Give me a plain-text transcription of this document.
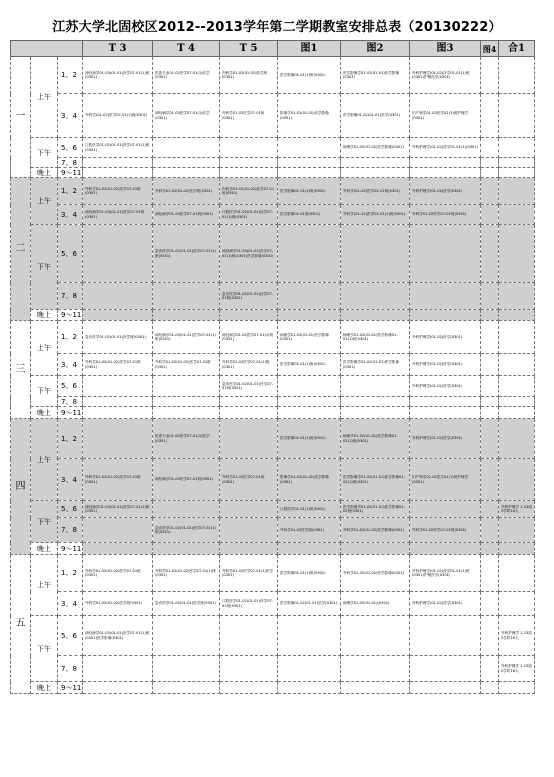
江苏大学北固校区2012--2013学年第二学期教室安排总表（20130222）
			T 3	T 4	T 5	图1	图2	图3	图4	合1
一	上午	1、2	神经病学01-03(01-01)医学07-01(1)班(0301)	医患专业01-02医学07-01(1)医学(0301)	内科学01-02(01-02)医学班(0301)	医学影像01-01(1)班(0301)	医学影像学01-02(01-01)医学影像(0301)	外科护理学(01-02)医学01-01(1)班(0301)护理医学(0301)		
		3、4	外科学(01-02)医学07-01(1)班(0301)	神经病学01-03医学07-01(1)医学(0301)	外科学01-02医学07-01班(0301)	影像学01-02(01-01)医学影像(0301)	医学影像01-02(01-01)医学(0301)	妇产科学01-02医学01(1)班护理学(0301)		
	下午	5、6	口腔医学01-02(01-01)医学07-01(1)班(0301)				病理学01-02(01-02)医学影像(0301)	外科护理学(01-02)医学01-01(1)(0301)		
		7、8								
	晚上	9～11								
二	上午	1、2	外科学01-02(01-02)医学07-01班(0301)	外科学01-02(01-02)医学班(0301)	内科学01-02(01-02)医学07-01班(0301)	医学影像01-01(1)班(0301)	外科学(01-02)医学01-01班(0301)	外科护理学(01-02)医学(0301)		
		3、4	神经病学01-03(01-01)医学07-01班(0301)	神经病学01-03医学07-01班(0301)	口腔医学01-02(01-01)医学07-01(1)班(0301)	医学影像01-01班(0301)	外科学(01-02)医学01-01(1)班(0301)	外科学01-02医学07-01班(0301)		
	下午	5、6		急诊医学01-02(01-01)医学07-01(1)班(0301)	神经病学01-03(01-01)医学07-01(1)班(0301)医学影像(0301)					
		7、8			急诊医学01-02(01-01)医学07-01班(0301)					
	晚上	9～11								
三	上午	1、2	急诊医学01-02(01-01)医学班(0301)	神经病学01-03(01-01)医学07-01(1)班(0301)	神经病学01-02医学07-01(1)班(0301)	病理学01-02(01-01)医学影像(0301)	病理学01-02(01-01)医学影像01-02(1)班(0301)	外科护理学(01-02)医学(0301)		
		3、4	外科学01-02(01-02)医学07-01班(0301)	外科学01-02(01-02)医学07-01班(0301)	外科学01-02医学07-01(1)班(0301)	医学影像01-01(1)班(0301)	医学影像学01-02(01-01)医学影像(0301)	外科护理学(01-02)医学(0301)		
	下午	5、6			急诊医学01-02(01-01)医学07-01班(0301)			外科护理学(01-02)医学(0301)		
		7、8								
	晚上	9～11								
四	上午	1、2		医患专业01-02医学07-01(1)医学(0301)		医学影像01-01(1)班(0301)	病理学01-02(01-01)医学影像01-02(1)班(0301)	外科护理学(01-02)医学(0301)		
		3、4	外科学01-02(01-02)医学07-01班(0301)	神经病学01-03医学07-01班(0301)	外科学01-02医学07-01班(0301)	影像学01-02(01-01)医学影像(0301)	医学影像学01-02(01-01)医学影像01-02(1)班(0301)	妇产科学01-02医学01(1)班护理学(0301)		
	下午	5、6	神经病学01-03(01-01)医学07-01(1)班(0301)			口腔医学01-01(1)班(0301)	医学影像学01-02(01-01)医学影像01-02班(0301)			外科护理学 1-13周 2学时16人
		7、8		急诊医学01-02(01-01)医学07-01(1)班(0301)		外科学01-02医学班(0301)	外科学01-02(01-02)医学影像(0301)	外科学01-02医学07-01班(0301)		
	晚上	9～11								
五	上午	1、2	外科学01-02(01-02)医学07-01班(0301)	外科学01-02(01-02)医学07-01(1)班(0301)	外科学01-02医学07-01(1)医学(0301)	医学影像01-01(1)班(0301)	外科学01-02(01-02)医学影像(0301)	外科护理学(01-02)医学01-01(1)班(0301)护理医学(0301)		
		3、4	外科学01-02(01-02)医学班(0301)	急诊医学01-02(01-01)医学班(0301)	口腔医学01-02(01-01)医学07-01班(0301)	医学影像01-02(01-01)医学(0301)	病理学01-02(01-01)(0301)	外科护理学(01-02)医学(0301)		
	下午	5、6	神经病学01-03(01-01)医学07-01(1)班(0301)医学影像(0301)							外科护理学 1-13周 2学时16人
		7、8								外科护理学 1-13周 2学时16人
	晚上	9～11								
